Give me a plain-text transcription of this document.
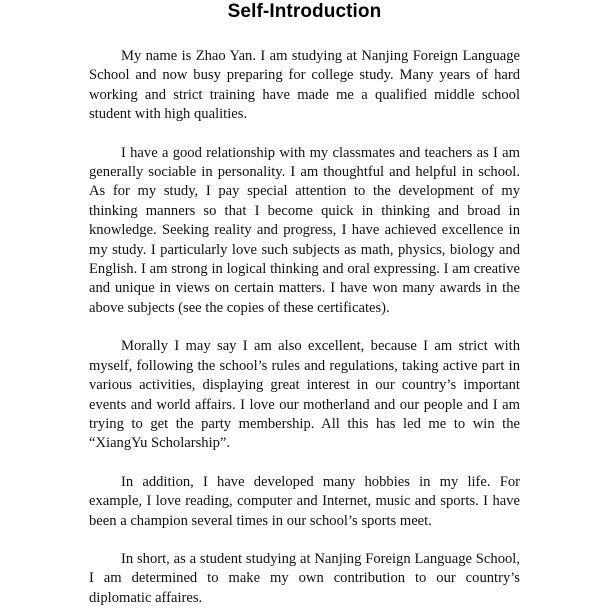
Self-Introduction

My name is Zhao Yan. I am studying at Nanjing Foreign Language School and now busy preparing for college study. Many years of hard working and strict training have made me a qualified middle school student with high qualities.

I have a good relationship with my classmates and teachers as I am generally sociable in personality. I am thoughtful and helpful in school. As for my study, I pay special attention to the development of my thinking manners so that I become quick in thinking and broad in knowledge. Seeking reality and progress, I have achieved excellence in my study. I particularly love such subjects as math, physics, biology and English. I am strong in logical thinking and oral expressing. I am creative and unique in views on certain matters. I have won many awards in the above subjects (see the copies of these certificates).

Morally I may say I am also excellent, because I am strict with myself, following the school’s rules and regulations, taking active part in various activities, displaying great interest in our country’s important events and world affairs. I love our motherland and our people and I am trying to get the party membership. All this has led me to win the “XiangYu Scholarship”.

In addition, I have developed many hobbies in my life. For example, I love reading, computer and Internet, music and sports. I have been a champion several times in our school’s sports meet.

In short, as a student studying at Nanjing Foreign Language School, I am determined to make my own contribution to our country’s diplomatic affaires.
